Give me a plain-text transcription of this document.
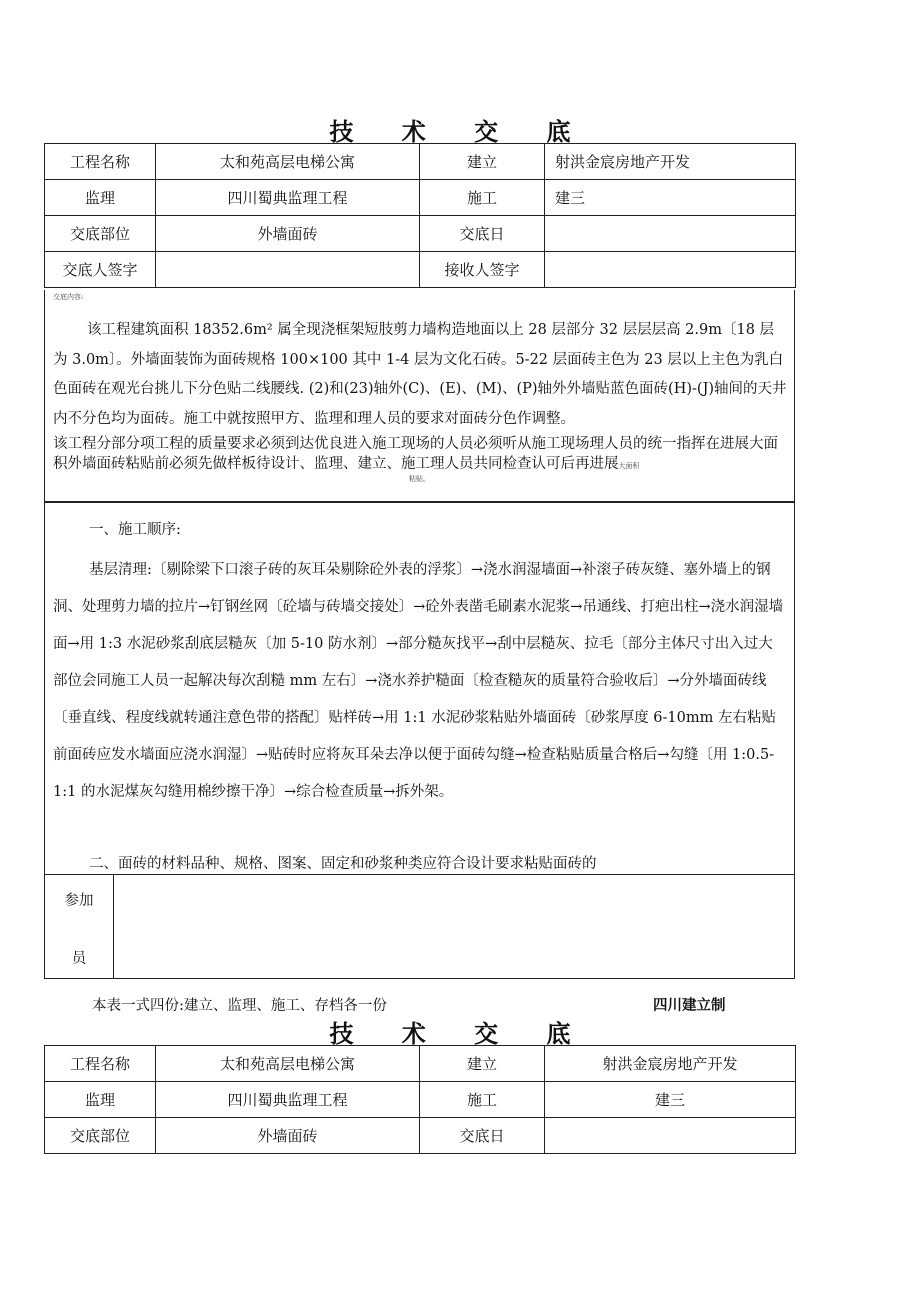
技 术 交 底
工程名称	太和苑高层电梯公寓	建立	射洪金宸房地产开发
监理	四川蜀典监理工程	施工	建三
交底部位	外墙面砖	交底日	
交底人签字		接收人签字	
交底内容:

该工程建筑面积 18352.6m² 属全现浇框架短肢剪力墙构造地面以上 28 层部分 32 层层层高 2.9m〔18 层为 3.0m〕。外墙面装饰为面砖规格 100×100 其中 1-4 层为文化石砖。5-22 层面砖主色为 23 层以上主色为乳白色面砖在观光台挑儿下分色贴二线腰线. (2)和(23)轴外(C)、(E)、(M)、(P)轴外外墙贴蓝色面砖(H)-(J)轴间的天井内不分色均为面砖。施工中就按照甲方、监理和理人员的要求对面砖分色作调整。

该工程分部分项工程的质量要求必须到达优良进入施工现场的人员必须听从施工现场理人员的统一指挥在进展大面积外墙面砖粘贴前必须先做样板待设计、监理、建立、施工理人员共同检查认可后再进展大面积

粘贴。

一、施工顺序:

基层清理:〔剔除梁下口滚子砖的灰耳朵剔除砼外表的浮浆〕→浇水润湿墙面→补滚子砖灰缝、塞外墙上的钢洞、处理剪力墙的拉片→钉钢丝网〔砼墙与砖墙交接处〕→砼外表凿毛刷素水泥浆→吊通线、打疤出柱→浇水润湿墙面→用 1:3 水泥砂浆刮底层糙灰〔加 5-10 防水剂〕→部分糙灰找平→刮中层糙灰、拉毛〔部分主体尺寸出入过大部位会同施工人员一起解决每次刮糙 mm 左右〕→浇水养护糙面〔检查糙灰的质量符合验收后〕→分外墙面砖线〔垂直线、程度线就转通注意色带的搭配〕贴样砖→用 1:1 水泥砂浆粘贴外墙面砖〔砂浆厚度 6-10mm 左右粘贴前面砖应发水墙面应浇水润湿〕→贴砖时应将灰耳朵去净以便于面砖勾缝→检查粘贴质量合格后→勾缝〔用 1:0.5-1:1 的水泥煤灰勾缝用棉纱擦干净〕→综合检查质量→拆外架。

二、面砖的材料品种、规格、图案、固定和砂浆种类应符合设计要求粘贴面砖的

参加
员
本表一式四份:建立、监理、施工、存档各一份	四川建立制
技 术 交 底
工程名称	太和苑高层电梯公寓	建立	射洪金宸房地产开发
监理	四川蜀典监理工程	施工	建三
交底部位	外墙面砖	交底日	
